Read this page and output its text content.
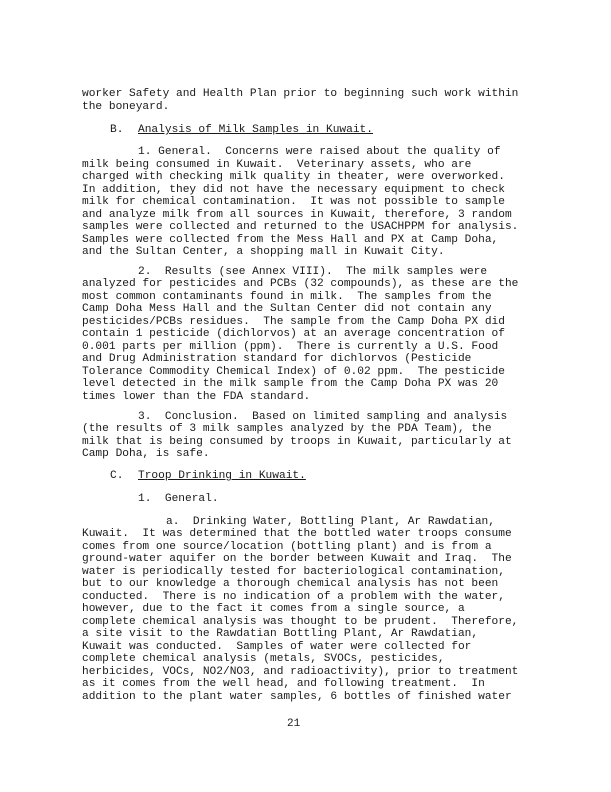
worker Safety and Health Plan prior to beginning such work within
the boneyard.
B. Analysis of Milk Samples in Kuwait.
1. General.  Concerns were raised about the quality of
milk being consumed in Kuwait.  Veterinary assets, who are
charged with checking milk quality in theater, were overworked.
In addition, they did not have the necessary equipment to check
milk for chemical contamination.  It was not possible to sample
and analyze milk from all sources in Kuwait, therefore, 3 random
samples were collected and returned to the USACHPPM for analysis.
Samples were collected from the Mess Hall and PX at Camp Doha,
and the Sultan Center, a shopping mall in Kuwait City.
2.  Results (see Annex VIII).  The milk samples were
analyzed for pesticides and PCBs (32 compounds), as these are the
most common contaminants found in milk.  The samples from the
Camp Doha Mess Hall and the Sultan Center did not contain any
pesticides/PCBs residues.  The sample from the Camp Doha PX did
contain 1 pesticide (dichlorvos) at an average concentration of
0.001 parts per million (ppm).  There is currently a U.S. Food
and Drug Administration standard for dichlorvos (Pesticide
Tolerance Commodity Chemical Index) of 0.02 ppm.  The pesticide
level detected in the milk sample from the Camp Doha PX was 20
times lower than the FDA standard.
3.  Conclusion.  Based on limited sampling and analysis
(the results of 3 milk samples analyzed by the PDA Team), the
milk that is being consumed by troops in Kuwait, particularly at
Camp Doha, is safe.
C. Troop Drinking in Kuwait.
1.  General.
a.  Drinking Water, Bottling Plant, Ar Rawdatian,
Kuwait.  It was determined that the bottled water troops consume
comes from one source/location (bottling plant) and is from a
ground-water aquifer on the border between Kuwait and Iraq.  The
water is periodically tested for bacteriological contamination,
but to our knowledge a thorough chemical analysis has not been
conducted.  There is no indication of a problem with the water,
however, due to the fact it comes from a single source, a
complete chemical analysis was thought to be prudent.  Therefore,
a site visit to the Rawdatian Bottling Plant, Ar Rawdatian,
Kuwait was conducted.  Samples of water were collected for
complete chemical analysis (metals, SVOCs, pesticides,
herbicides, VOCs, NO2/NO3, and radioactivity), prior to treatment
as it comes from the well head, and following treatment.  In
addition to the plant water samples, 6 bottles of finished water
21
